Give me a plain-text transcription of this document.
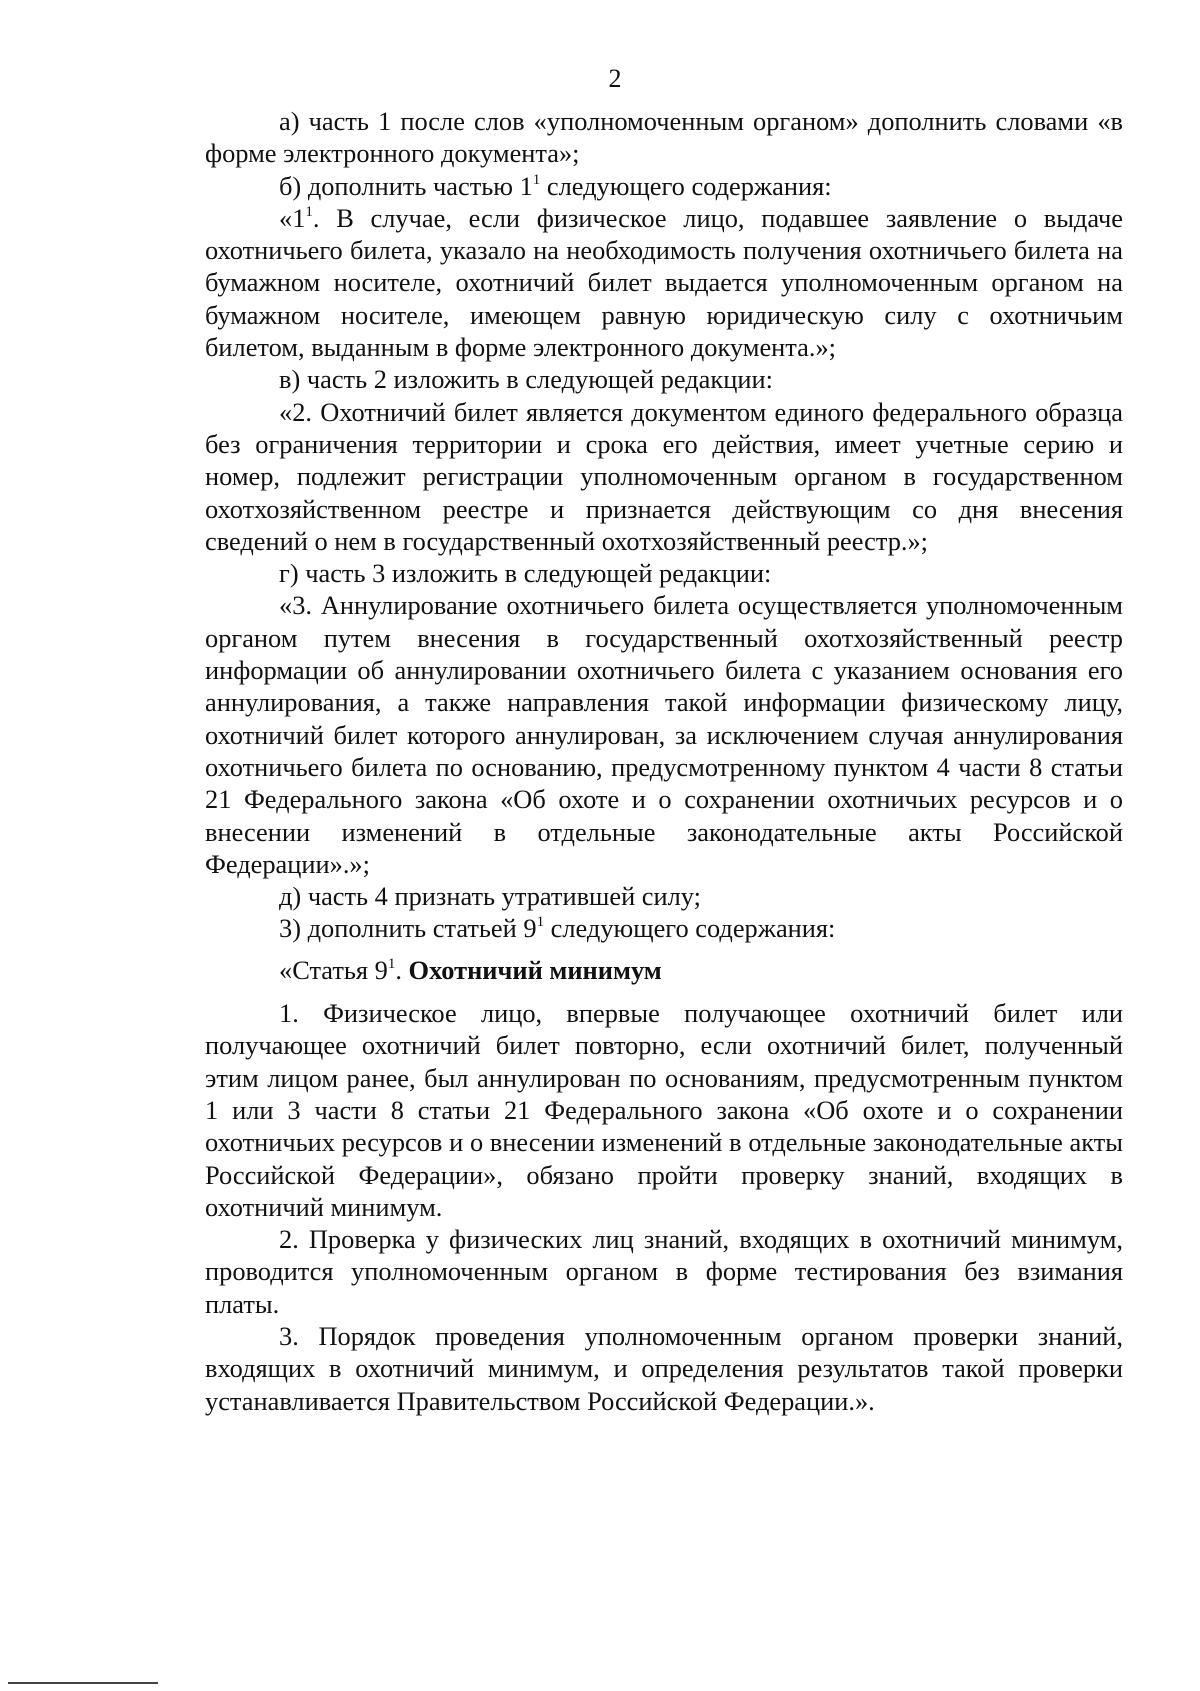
2

а) часть 1 после слов «уполномоченным органом» дополнить словами «в форме электронного документа»;

б) дополнить частью $1^1$ следующего содержания:

«$1^1$. В случае, если физическое лицо, подавшее заявление о выдаче охотничьего билета, указало на необходимость получения охотничьего билета на бумажном носителе, охотничий билет выдается уполномоченным органом на бумажном носителе, имеющем равную юридическую силу с охотничьим билетом, выданным в форме электронного документа.»;

в) часть 2 изложить в следующей редакции:

«2. Охотничий билет является документом единого федерального образца без ограничения территории и срока его действия, имеет учетные серию и номер, подлежит регистрации уполномоченным органом в государственном охотхозяйственном реестре и признается действующим со дня внесения сведений о нем в государственный охотхозяйственный реестр.»;

г) часть 3 изложить в следующей редакции:

«3. Аннулирование охотничьего билета осуществляется уполномоченным органом путем внесения в государственный охотхозяйственный реестр информации об аннулировании охотничьего билета с указанием основания его аннулирования, а также направления такой информации физическому лицу, охотничий билет которого аннулирован, за исключением случая аннулирования охотничьего билета по основанию, предусмотренному пунктом 4 части 8 статьи 21 Федерального закона «Об охоте и о сохранении охотничьих ресурсов и о внесении изменений в отдельные законодательные акты Российской Федерации».»;

д) часть 4 признать утратившей силу;

3) дополнить статьей $9^1$ следующего содержания:

«Статья $9^1$. Охотничий минимум

1. Физическое лицо, впервые получающее охотничий билет или получающее охотничий билет повторно, если охотничий билет, полученный этим лицом ранее, был аннулирован по основаниям, предусмотренным пунктом 1 или 3 части 8 статьи 21 Федерального закона «Об охоте и о сохранении охотничьих ресурсов и о внесении изменений в отдельные законодательные акты Российской Федерации», обязано пройти проверку знаний, входящих в охотничий минимум.

2. Проверка у физических лиц знаний, входящих в охотничий минимум, проводится уполномоченным органом в форме тестирования без взимания платы.

3. Порядок проведения уполномоченным органом проверки знаний, входящих в охотничий минимум, и определения результатов такой проверки устанавливается Правительством Российской Федерации.».
